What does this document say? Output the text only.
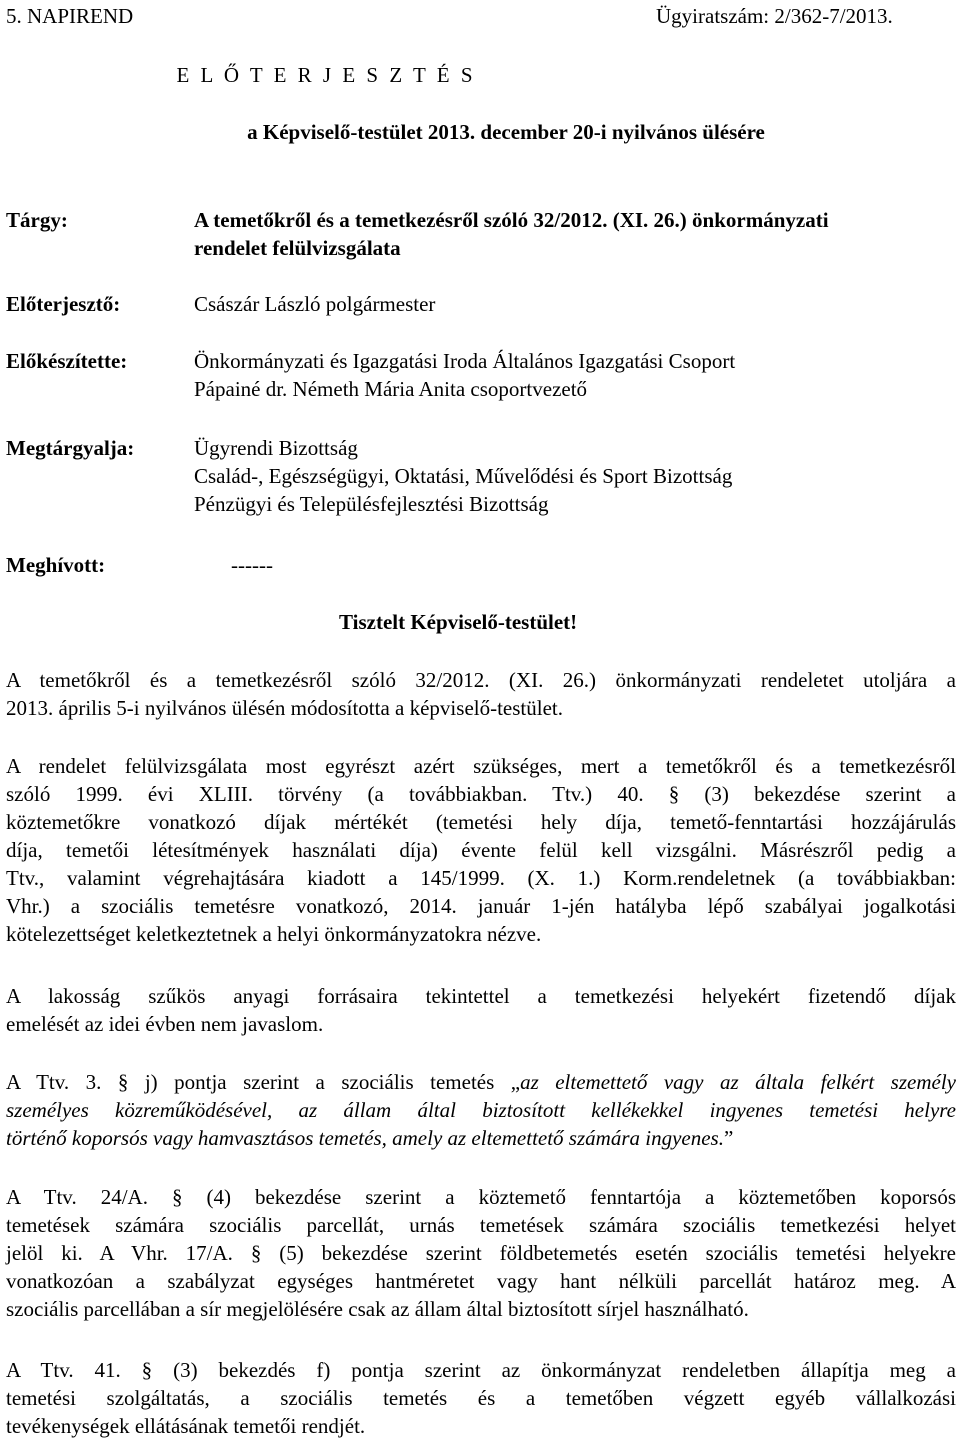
5. NAPIREND	Ügyiratszám: 2/362-7/2013.
E L Ő T E R J E S Z T É S
a Képviselő-testület 2013. december 20-i nyilvános ülésére
Tárgy:	A temetőkről és a temetkezésről szóló 32/2012. (XI. 26.) önkormányzati
rendelet felülvizsgálata
Előterjesztő:	Császár László polgármester
Előkészítette:	Önkormányzati és Igazgatási Iroda Általános Igazgatási Csoport
Pápainé dr. Németh Mária Anita csoportvezető
Megtárgyalja:	Ügyrendi Bizottság
Család-, Egészségügyi, Oktatási, Művelődési és Sport Bizottság
Pénzügyi és Településfejlesztési Bizottság
Meghívott:	------
Tisztelt Képviselő-testület!
A temetőkről és a temetkezésről szóló 32/2012. (XI. 26.) önkormányzati rendeletet utoljára a
2013. április 5-i nyilvános ülésén módosította a képviselő-testület.
A rendelet felülvizsgálata most egyrészt azért szükséges, mert a temetőkről és a temetkezésről
szóló 1999. évi XLIII. törvény (a továbbiakban. Ttv.) 40. § (3) bekezdése szerint a
köztemetőkre vonatkozó díjak mértékét (temetési hely díja, temető-fenntartási hozzájárulás
díja, temetői létesítmények használati díja) évente felül kell vizsgálni. Másrészről pedig a
Ttv., valamint végrehajtására kiadott a 145/1999. (X. 1.) Korm.rendeletnek (a továbbiakban:
Vhr.) a szociális temetésre vonatkozó, 2014. január 1-jén hatályba lépő szabályai jogalkotási
kötelezettséget keletkeztetnek a helyi önkormányzatokra nézve.
A lakosság szűkös anyagi forrásaira tekintettel a temetkezési helyekért fizetendő díjak
emelését az idei évben nem javaslom.
A Ttv. 3. § j) pontja szerint a szociális temetés „az eltemettető vagy az általa felkért személy
személyes közreműködésével, az állam által biztosított kellékekkel ingyenes temetési helyre
történő koporsós vagy hamvasztásos temetés, amely az eltemettető számára ingyenes.”
A Ttv. 24/A. § (4) bekezdése szerint a köztemető fenntartója a köztemetőben koporsós
temetések számára szociális parcellát, urnás temetések számára szociális temetkezési helyet
jelöl ki. A Vhr. 17/A. § (5) bekezdése szerint földbetemetés esetén szociális temetési helyekre
vonatkozóan a szabályzat egységes hantméretet vagy hant nélküli parcellát határoz meg. A
szociális parcellában a sír megjelölésére csak az állam által biztosított sírjel használható.
A Ttv. 41. § (3) bekezdés f) pontja szerint az önkormányzat rendeletben állapítja meg a
temetési szolgáltatás, a szociális temetés és a temetőben végzett egyéb vállalkozási
tevékenységek ellátásának temetői rendjét.
